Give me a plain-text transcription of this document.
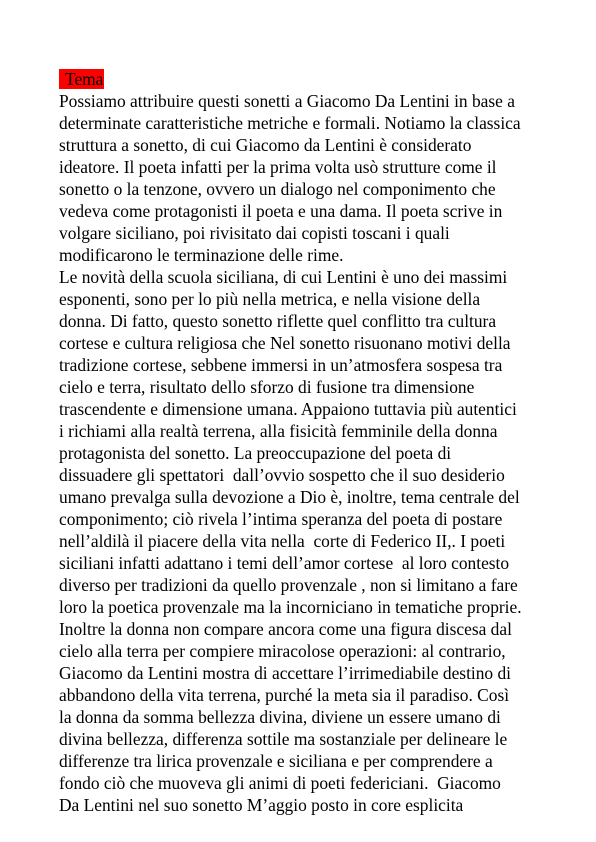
Tema
Possiamo attribuire questi sonetti a Giacomo Da Lentini in base a
determinate caratteristiche metriche e formali. Notiamo la classica
struttura a sonetto, di cui Giacomo da Lentini è considerato
ideatore. Il poeta infatti per la prima volta usò strutture come il
sonetto o la tenzone, ovvero un dialogo nel componimento che
vedeva come protagonisti il poeta e una dama. Il poeta scrive in
volgare siciliano, poi rivisitato dai copisti toscani i quali
modificarono le terminazione delle rime.
Le novità della scuola siciliana, di cui Lentini è uno dei massimi
esponenti, sono per lo più nella metrica, e nella visione della
donna. Di fatto, questo sonetto riflette quel conflitto tra cultura
cortese e cultura religiosa che Nel sonetto risuonano motivi della
tradizione cortese, sebbene immersi in un’atmosfera sospesa tra
cielo e terra, risultato dello sforzo di fusione tra dimensione
trascendente e dimensione umana. Appaiono tuttavia più autentici
i richiami alla realtà terrena, alla fisicità femminile della donna
protagonista del sonetto. La preoccupazione del poeta di
dissuadere gli spettatori  dall’ovvio sospetto che il suo desiderio
umano prevalga sulla devozione a Dio è, inoltre, tema centrale del
componimento; ciò rivela l’intima speranza del poeta di postare
nell’aldilà il piacere della vita nella  corte di Federico II,. I poeti
siciliani infatti adattano i temi dell’amor cortese  al loro contesto
diverso per tradizioni da quello provenzale , non si limitano a fare
loro la poetica provenzale ma la incorniciano in tematiche proprie.
Inoltre la donna non compare ancora come una figura discesa dal
cielo alla terra per compiere miracolose operazioni: al contrario,
Giacomo da Lentini mostra di accettare l’irrimediabile destino di
abbandono della vita terrena, purché la meta sia il paradiso. Così
la donna da somma bellezza divina, diviene un essere umano di
divina bellezza, differenza sottile ma sostanziale per delineare le
differenze tra lirica provenzale e siciliana e per comprendere a
fondo ciò che muoveva gli animi di poeti federiciani.  Giacomo
Da Lentini nel suo sonetto M’aggio posto in core esplicita
